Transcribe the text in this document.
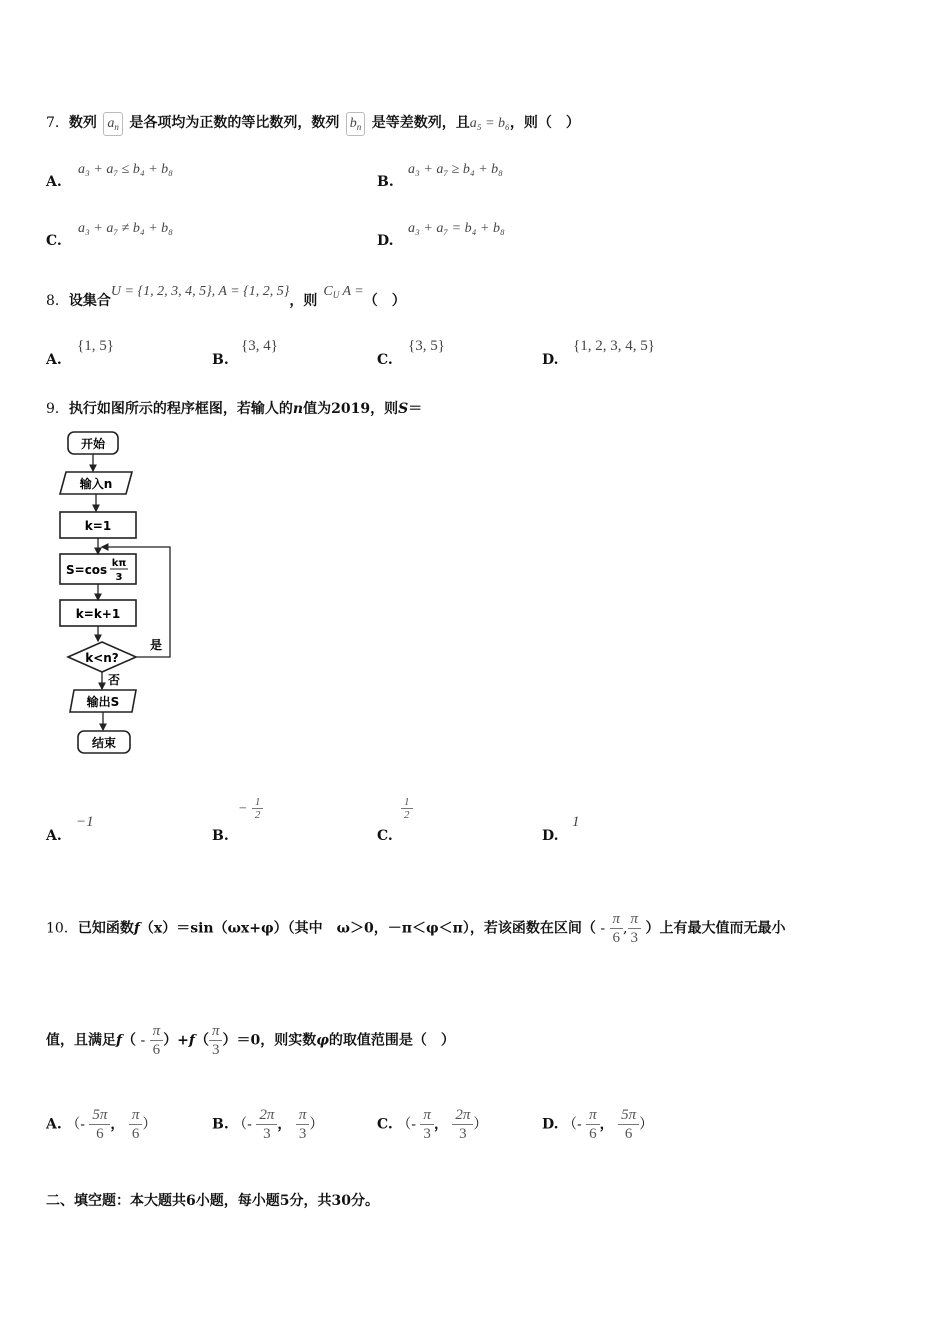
7．数列 $a_n$ 是各项均为正数的等比数列，数列 $b_n$ 是等差数列，且a₅ = b₆，则（　）
A.
a₃ + a₇ ≤ b₄ + b₈
B.
a₃ + a₇ ≥ b₄ + b₈
C.
a₃ + a₇ ≠ b₄ + b₈
D.
a₃ + a₇ = b₄ + b₈
8．设集合U = {1, 2, 3, 4, 5}, A = {1, 2, 5}，则$C_U$ A =（　）
A.
{1, 5}
B.
{3, 4}
C.
{3, 5}
D.
{1, 2, 3, 4, 5}
9．执行如图所示的程序框图，若输人的n值为2019，则S＝
开始
输入n
k=1
S=cos kπ
3
k=k+1
k<n?
是
否
输出S
结束
A.
−1
B.
− $\frac{1}{2}$
C.
$\frac{1}{2}$
D.
1
10．已知函数f（x）＝sin（ωx+φ）（其中　ω＞0，－π＜φ＜π），若该函数在区间（ - $\frac{\pi}{6}$ , $\frac{\pi}{3}$ ）上有最大值而无最小
值，且满足$f( - \frac{\pi}{6} )+f( \frac{\pi}{3} )=0$，则实数φ的取值范围是（　）
A. （- $\frac{5\pi}{6}$ ， $\frac{\pi}{6}$ ）	B. （- $\frac{2\pi}{3}$ ， $\frac{\pi}{3}$ ）	C. （- $\frac{\pi}{3}$ ， $\frac{2\pi}{3}$ ）	D. （- $\frac{\pi}{6}$ ， $\frac{5\pi}{6}$ ）
二、填空题：本大题共6小题，每小题5分，共30分。
